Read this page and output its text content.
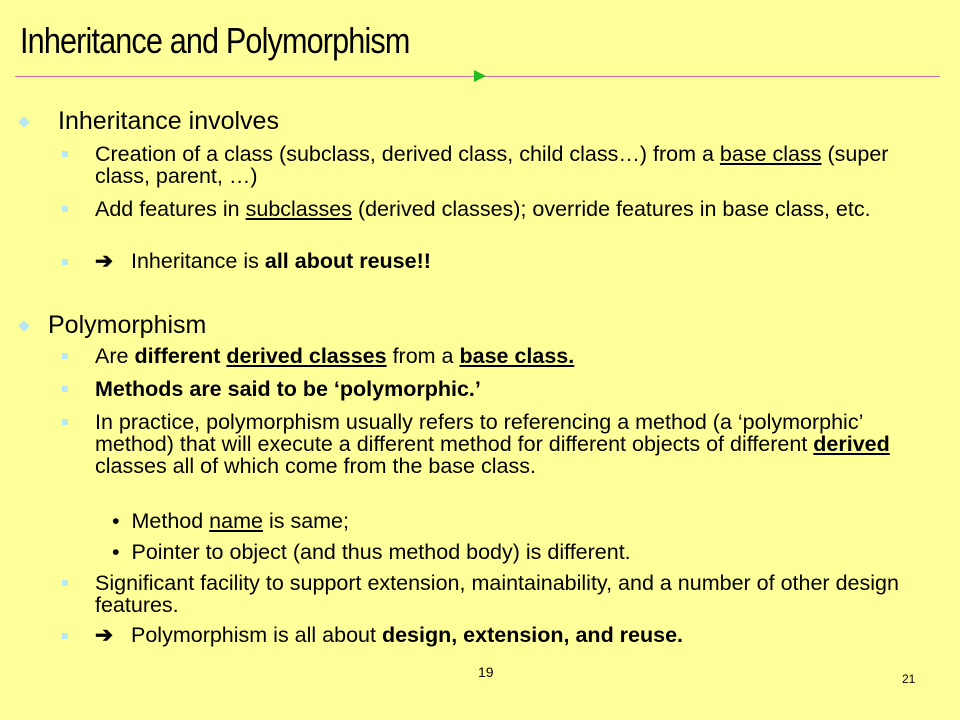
Inheritance and Polymorphism
Inheritance involves
Creation of a class (subclass, derived class, child class…) from a base class (super class, parent, …)
Add features in subclasses (derived classes); override features in base class, etc.
➔ Inheritance is all about reuse!!
Polymorphism
Are different derived classes from a base class.
Methods are said to be ‘polymorphic.’
In practice, polymorphism usually refers to referencing a method (a ‘polymorphic’ method) that will execute a different method for different objects of different derived classes all of which come from the base class.
• Method name is same;
• Pointer to object (and thus method body) is different.
Significant facility to support extension, maintainability, and a number of other design features.
➔ Polymorphism is all about design, extension, and reuse.
19	21
